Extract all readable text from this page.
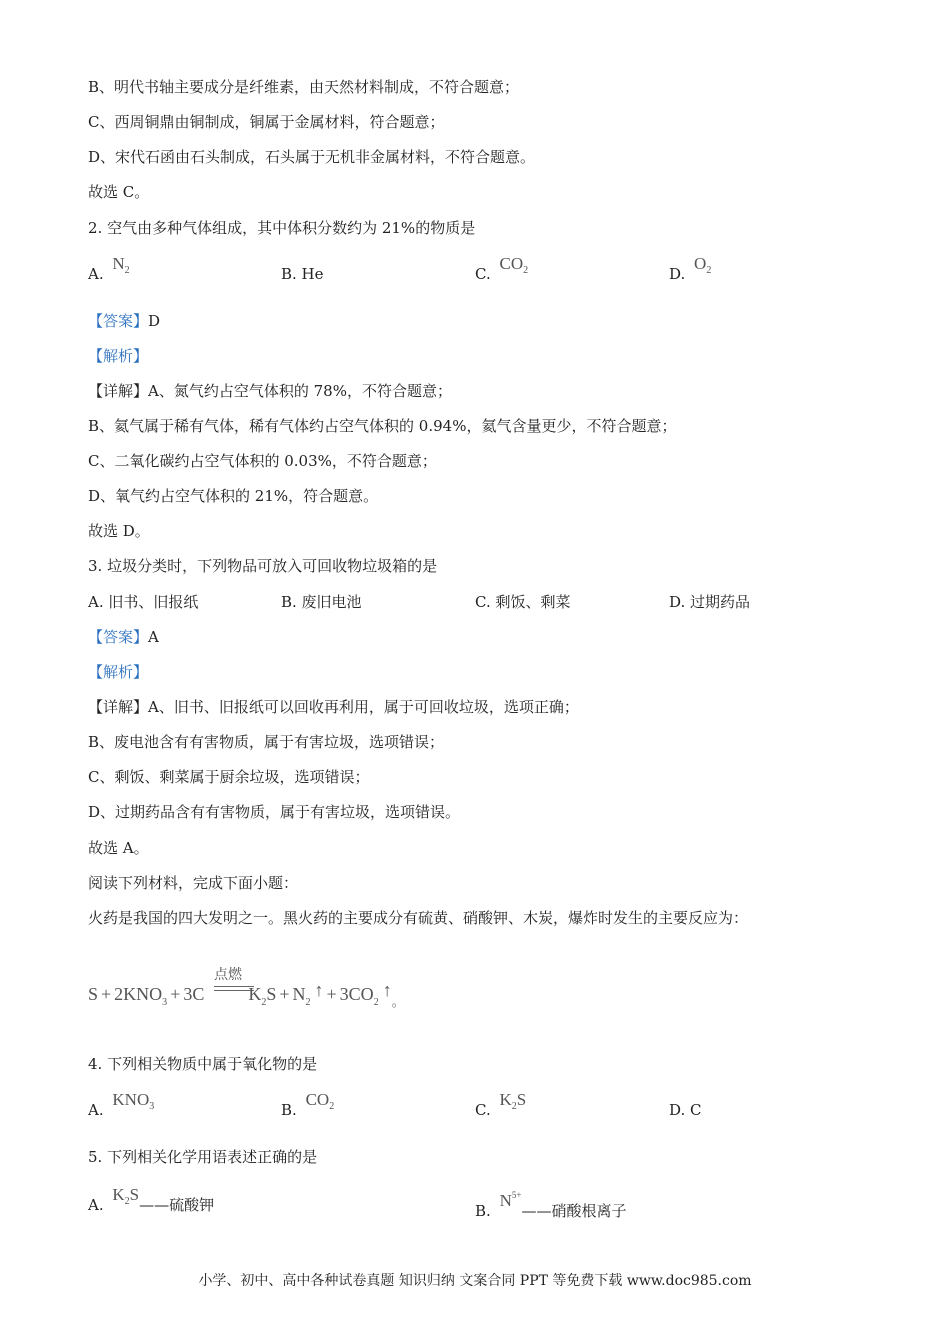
B、明代书轴主要成分是纤维素，由天然材料制成，不符合题意；
C、西周铜鼎由铜制成，铜属于金属材料，符合题意；
D、宋代石函由石头制成，石头属于无机非金属材料，不符合题意。
故选 C。
2. 空气由多种气体组成，其中体积分数约为 21%的物质是
A. $N_2$	B. He	C. $CO_2$	D. $O_2$
【答案】D
【解析】
【详解】A、氮气约占空气体积的 78%，不符合题意；
B、氦气属于稀有气体，稀有气体约占空气体积的 0.94%，氦气含量更少，不符合题意；
C、二氧化碳约占空气体积的 0.03%，不符合题意；
D、氧气约占空气体积的 21%，符合题意。
故选 D。
3. 垃圾分类时，下列物品可放入可回收物垃圾箱的是
A. 旧书、旧报纸	B. 废旧电池	C. 剩饭、剩菜	D. 过期药品
【答案】A
【解析】
【详解】A、旧书、旧报纸可以回收再利用，属于可回收垃圾，选项正确；
B、废电池含有有害物质，属于有害垃圾，选项错误；
C、剩饭、剩菜属于厨余垃圾，选项错误；
D、过期药品含有有害物质，属于有害垃圾，选项错误。
故选 A。
阅读下列材料，完成下面小题：
火药是我国的四大发明之一。黑火药的主要成分有硫黄、硝酸钾、木炭，爆炸时发生的主要反应为：
点燃
$S + 2KNO_3 + 3C$ $K_2S$ + $N_2↑$ + $3CO_2↑_。$
4. 下列相关物质中属于氧化物的是
A. $KNO_3$	B. $CO_2$	C. $K_2S$
D. C
5. 下列相关化学用语表述正确的是
A. $K_2S——$硫酸钾	B. $N^{5+}——$硝酸根离子
小学、初中、高中各种试卷真题 知识归纳 文案合同 PPT 等免费下载 www.doc985.com
